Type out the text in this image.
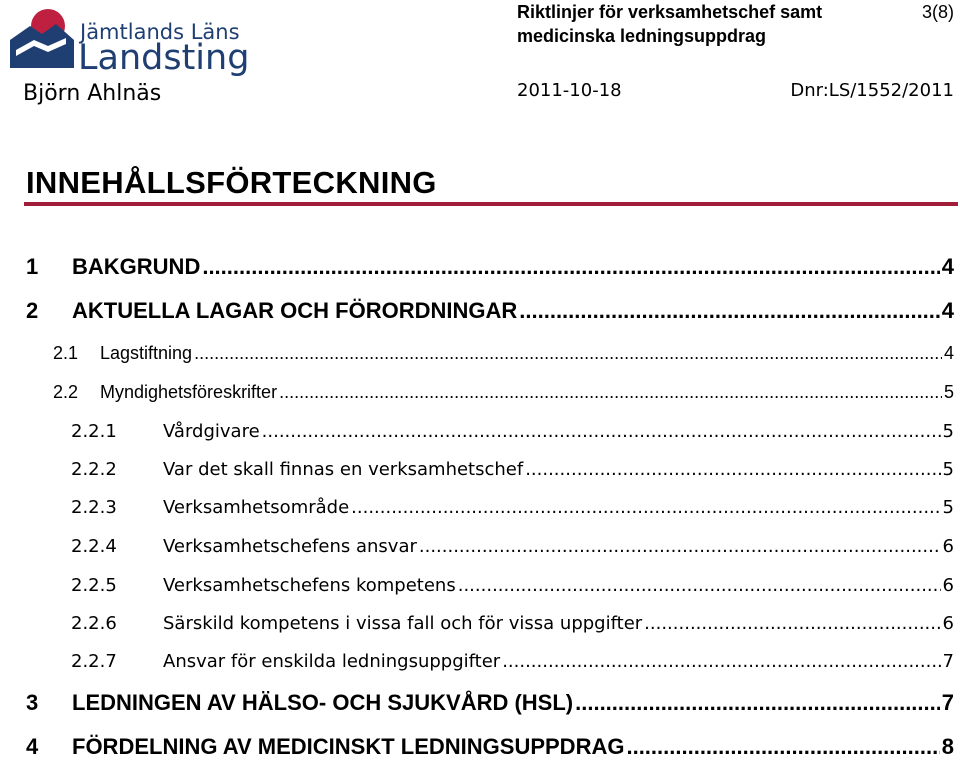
Jämtlands Läns
Landsting
Björn Ahlnäs
Riktlinjer för verksamhetschef samt
medicinska ledningsuppdrag
3(8)
2011-10-18	Dnr:LS/1552/2011
INNEHÅLLSFÖRTECKNING
1	BAKGRUND .....	4
2	AKTUELLA LAGAR OCH FÖRORDNINGAR .....	4
2.1	Lagstiftning .....	4
2.2	Myndighetsföreskrifter .....	5
2.2.1	Vårdgivare .....	5
2.2.2	Var det skall finnas en verksamhetschef .....	5
2.2.3	Verksamhetsområde .....	5
2.2.4	Verksamhetschefens ansvar .....	6
2.2.5	Verksamhetschefens kompetens .....	6
2.2.6	Särskild kompetens i vissa fall och för vissa uppgifter .....	6
2.2.7	Ansvar för enskilda ledningsuppgifter .....	7
3	LEDNINGEN AV HÄLSO- OCH SJUKVÅRD (HSL) .....	7
4	FÖRDELNING AV MEDICINSKT LEDNINGSUPPDRAG .....	8
